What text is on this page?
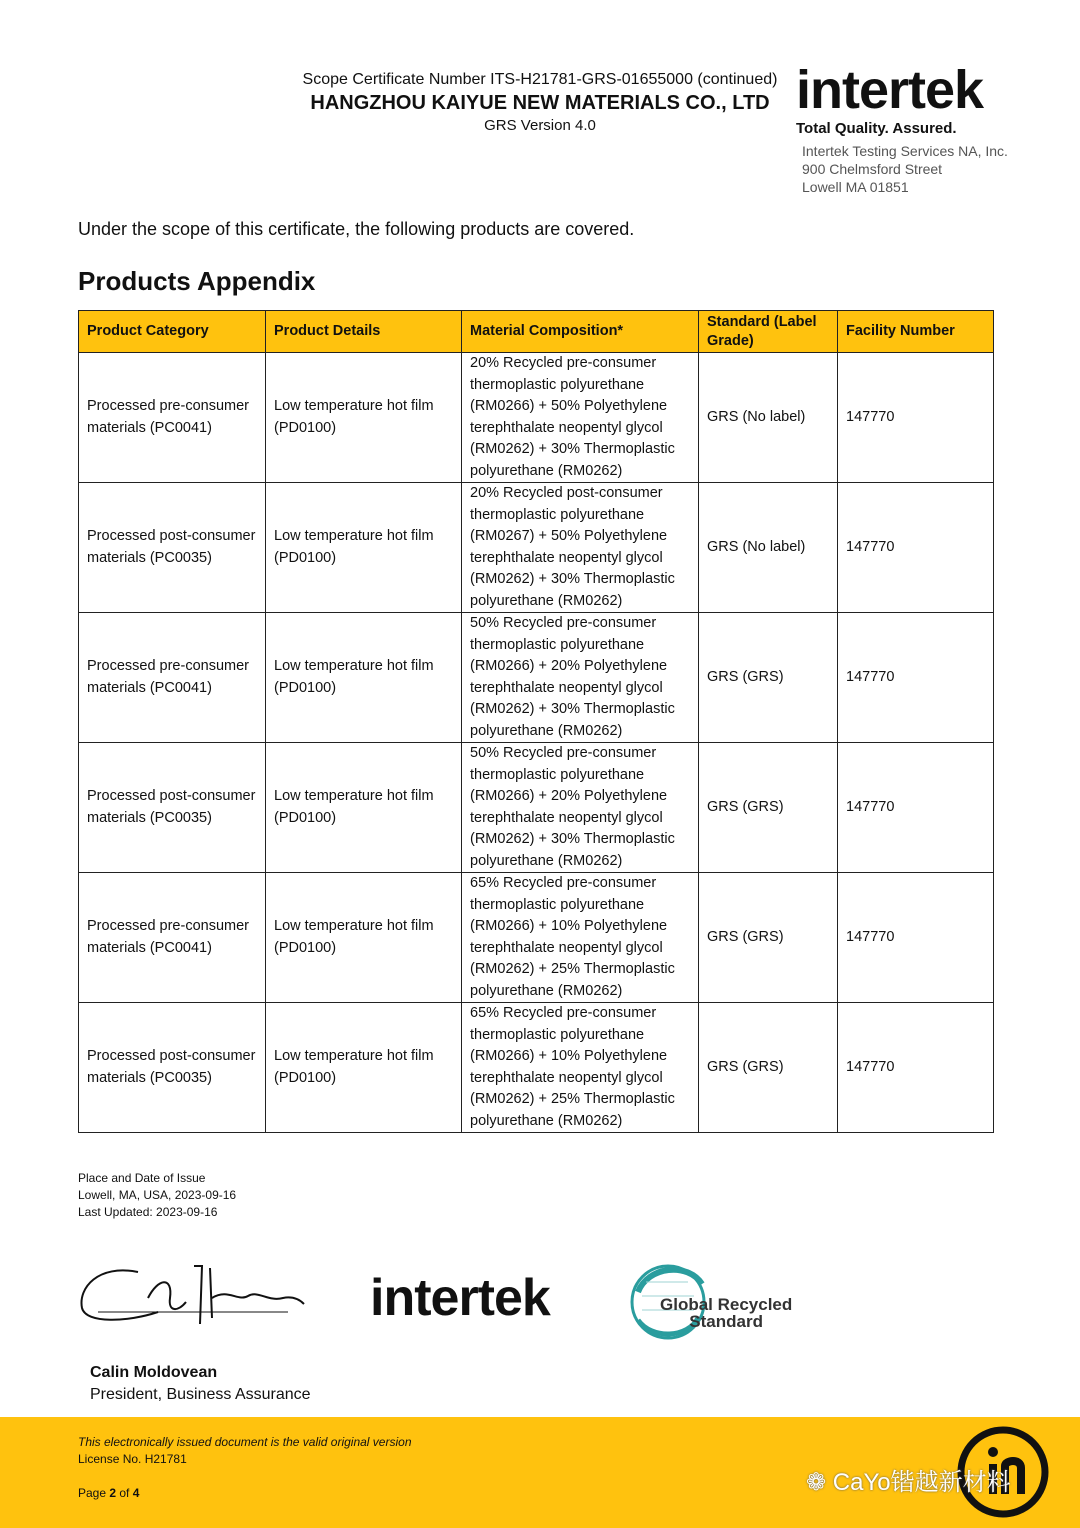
Scope Certificate Number ITS-H21781-GRS-01655000 (continued)
HANGZHOU KAIYUE NEW MATERIALS CO., LTD
GRS Version 4.0
intertek
Total Quality. Assured.
Intertek Testing Services NA, Inc.
900 Chelmsford Street
Lowell MA 01851
Under the scope of this certificate, the following products are covered.
Products Appendix
Product Category	Product Details	Material Composition*	Standard (Label Grade)	Facility Number
Processed pre-consumer materials (PC0041)	Low temperature hot film (PD0100)	20% Recycled pre-consumer thermoplastic polyurethane (RM0266) + 50% Polyethylene terephthalate neopentyl glycol (RM0262) + 30% Thermoplastic polyurethane (RM0262)	GRS (No label)	147770
Processed post-consumer materials (PC0035)	Low temperature hot film (PD0100)	20% Recycled post-consumer thermoplastic polyurethane (RM0267) + 50% Polyethylene terephthalate neopentyl glycol (RM0262) + 30% Thermoplastic polyurethane (RM0262)	GRS (No label)	147770
Processed pre-consumer materials (PC0041)	Low temperature hot film (PD0100)	50% Recycled pre-consumer thermoplastic polyurethane (RM0266) + 20% Polyethylene terephthalate neopentyl glycol (RM0262) + 30% Thermoplastic polyurethane (RM0262)	GRS (GRS)	147770
Processed post-consumer materials (PC0035)	Low temperature hot film (PD0100)	50% Recycled pre-consumer thermoplastic polyurethane (RM0266) + 20% Polyethylene terephthalate neopentyl glycol (RM0262) + 30% Thermoplastic polyurethane (RM0262)	GRS (GRS)	147770
Processed pre-consumer materials (PC0041)	Low temperature hot film (PD0100)	65% Recycled pre-consumer thermoplastic polyurethane (RM0266) + 10% Polyethylene terephthalate neopentyl glycol (RM0262) + 25% Thermoplastic polyurethane (RM0262)	GRS (GRS)	147770
Processed post-consumer materials (PC0035)	Low temperature hot film (PD0100)	65% Recycled pre-consumer thermoplastic polyurethane (RM0266) + 10% Polyethylene terephthalate neopentyl glycol (RM0262) + 25% Thermoplastic polyurethane (RM0262)	GRS (GRS)	147770
Place and Date of Issue
Lowell, MA, USA, 2023-09-16
Last Updated: 2023-09-16
intertek	Global Recycled
Standard
Calin Moldovean
President, Business Assurance
This electronically issued document is the valid original version
License No. H21781
Page 2 of 4	❁ CaYo锴越新材料
